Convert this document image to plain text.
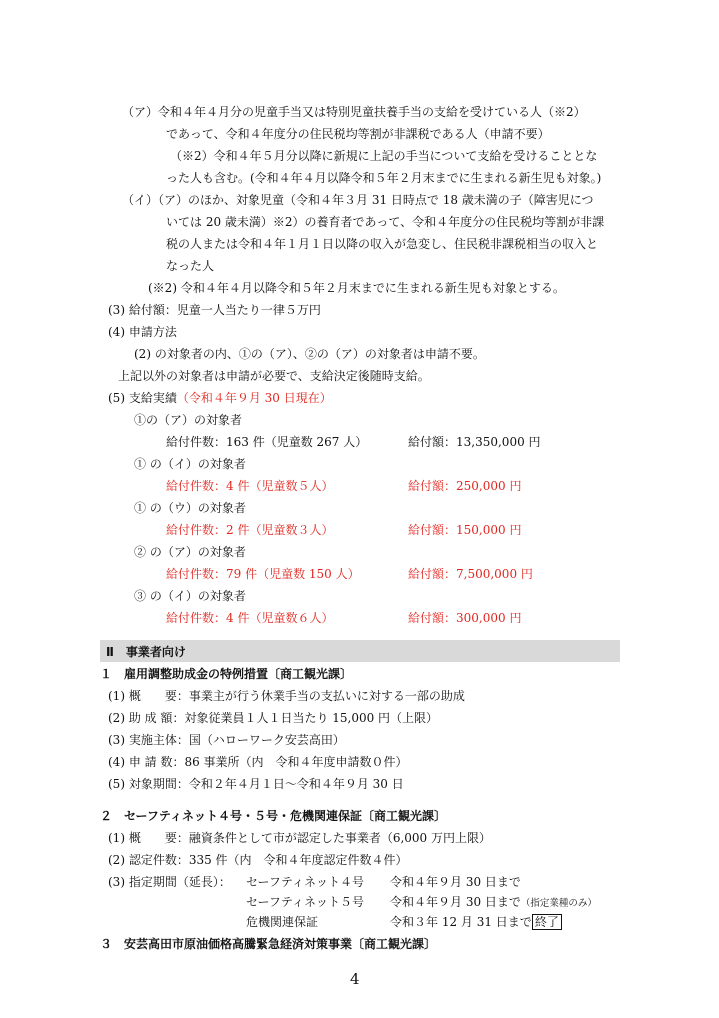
（ア）令和４年４月分の児童手当又は特別児童扶養手当の支給を受けている人（※2）
であって、令和４年度分の住民税均等割が非課税である人（申請不要）
（※2）令和４年５月分以降に新規に上記の手当について支給を受けることとな
った人も含む。(令和４年４月以降令和５年２月末までに生まれる新生児も対象。)
（イ）（ア）のほか、対象児童（令和４年３月 31 日時点で 18 歳未満の子（障害児につ
いては 20 歳未満）※2）の養育者であって、令和４年度分の住民税均等割が非課
税の人または令和４年１月１日以降の収入が急変し、住民税非課税相当の収入と
なった人
(※2) 令和４年４月以降令和５年２月末までに生まれる新生児も対象とする。
(3) 給付額：児童一人当たり一律５万円
(4) 申請方法
(2) の対象者の内、①の（ア）、②の（ア）の対象者は申請不要。
上記以外の対象者は申請が必要で、支給決定後随時支給。
(5) 支給実績（令和４年９月 30 日現在）
①の（ア）の対象者
給付件数：163 件（児童数 267 人）	給付額：13,350,000 円
① の（イ）の対象者
給付件数：4 件（児童数５人）	給付額：250,000 円
① の（ウ）の対象者
給付件数：2 件（児童数３人）	給付額：150,000 円
② の（ア）の対象者
給付件数：79 件（児童数 150 人）	給付額：7,500,000 円
③ の（イ）の対象者
給付件数：4 件（児童数６人）	給付額：300,000 円
Ⅱ　事業者向け
１　雇用調整助成金の特例措置〔商工観光課〕
(1) 概　　要：事業主が行う休業手当の支払いに対する一部の助成
(2) 助 成 額：対象従業員１人１日当たり 15,000 円（上限）
(3) 実施主体：国（ハローワーク安芸高田）
(4) 申 請 数：86 事業所（内　令和４年度申請数０件）
(5) 対象期間：令和２年４月１日～令和４年９月 30 日
２　セーフティネット４号・５号・危機関連保証〔商工観光課〕
(1) 概　　要：融資条件として市が認定した事業者（6,000 万円上限）
(2) 認定件数：335 件（内　令和４年度認定件数４件）
(3) 指定期間（延長）： セーフティネット４号 令和４年９月 30 日まで
セーフティネット５号 令和４年９月 30 日まで（指定業種のみ）
危機関連保証	令和３年 12 月 31 日まで 終了
３　安芸高田市原油価格高騰緊急経済対策事業〔商工観光課〕
4
